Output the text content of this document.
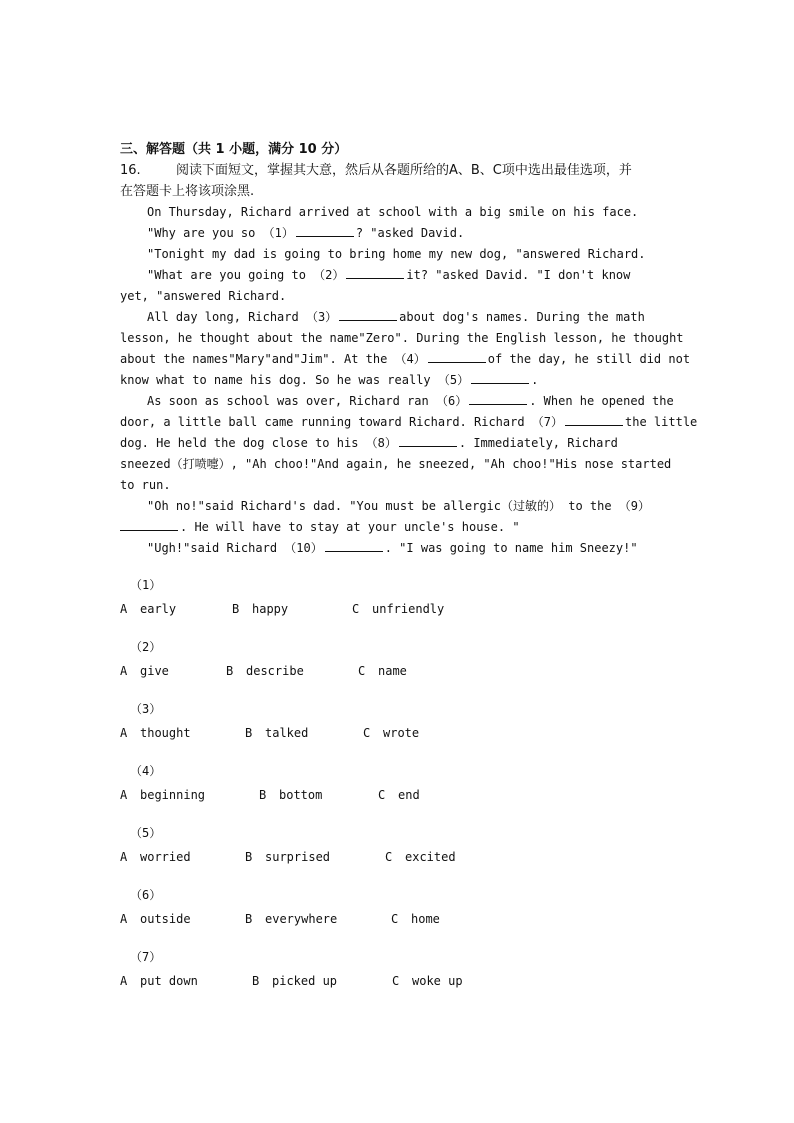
三、解答题（共 1 小题，满分 10 分）
16.	阅读下面短文，掌握其大意，然后从各题所给的A、B、C项中选出最佳选项，并
在答题卡上将该项涂黑.
On Thursday, Richard arrived at school with a big smile on his face.
"Why are you so （1）	? "asked David.
"Tonight my dad is going to bring home my new dog, "answered Richard.
"What are you going to （2）	it? "asked David. "I don't know
yet, "answered Richard.
All day long, Richard （3）	about dog's names. During the math
lesson, he thought about the name"Zero". During the English lesson, he thought
about the names"Mary"and"Jim". At the （4）	of the day, he still did not
know what to name his dog. So he was really （5）	.
As soon as school was over, Richard ran （6）	. When he opened the
door, a little ball came running toward Richard. Richard （7）	the little
dog. He held the dog close to his （8）	. Immediately, Richard
sneezed（打喷嚏）, "Ah choo!"And again, he sneezed, "Ah choo!"His nose started
to run.
"Oh no!"said Richard's dad. "You must be allergic（过敏的） to the （9）
. He will have to stay at your uncle's house. "
"Ugh!"said Richard （10）	. "I was going to name him Sneezy!"
（1）
A early	B happy	C unfriendly
（2）
A give	B describe	C name
（3）
A thought	B talked	C wrote
（4）
A beginning	B bottom	C end
（5）
A worried	B surprised	C excited
（6）
A outside	B everywhere	C home
（7）
A put down	B picked up	C woke up
